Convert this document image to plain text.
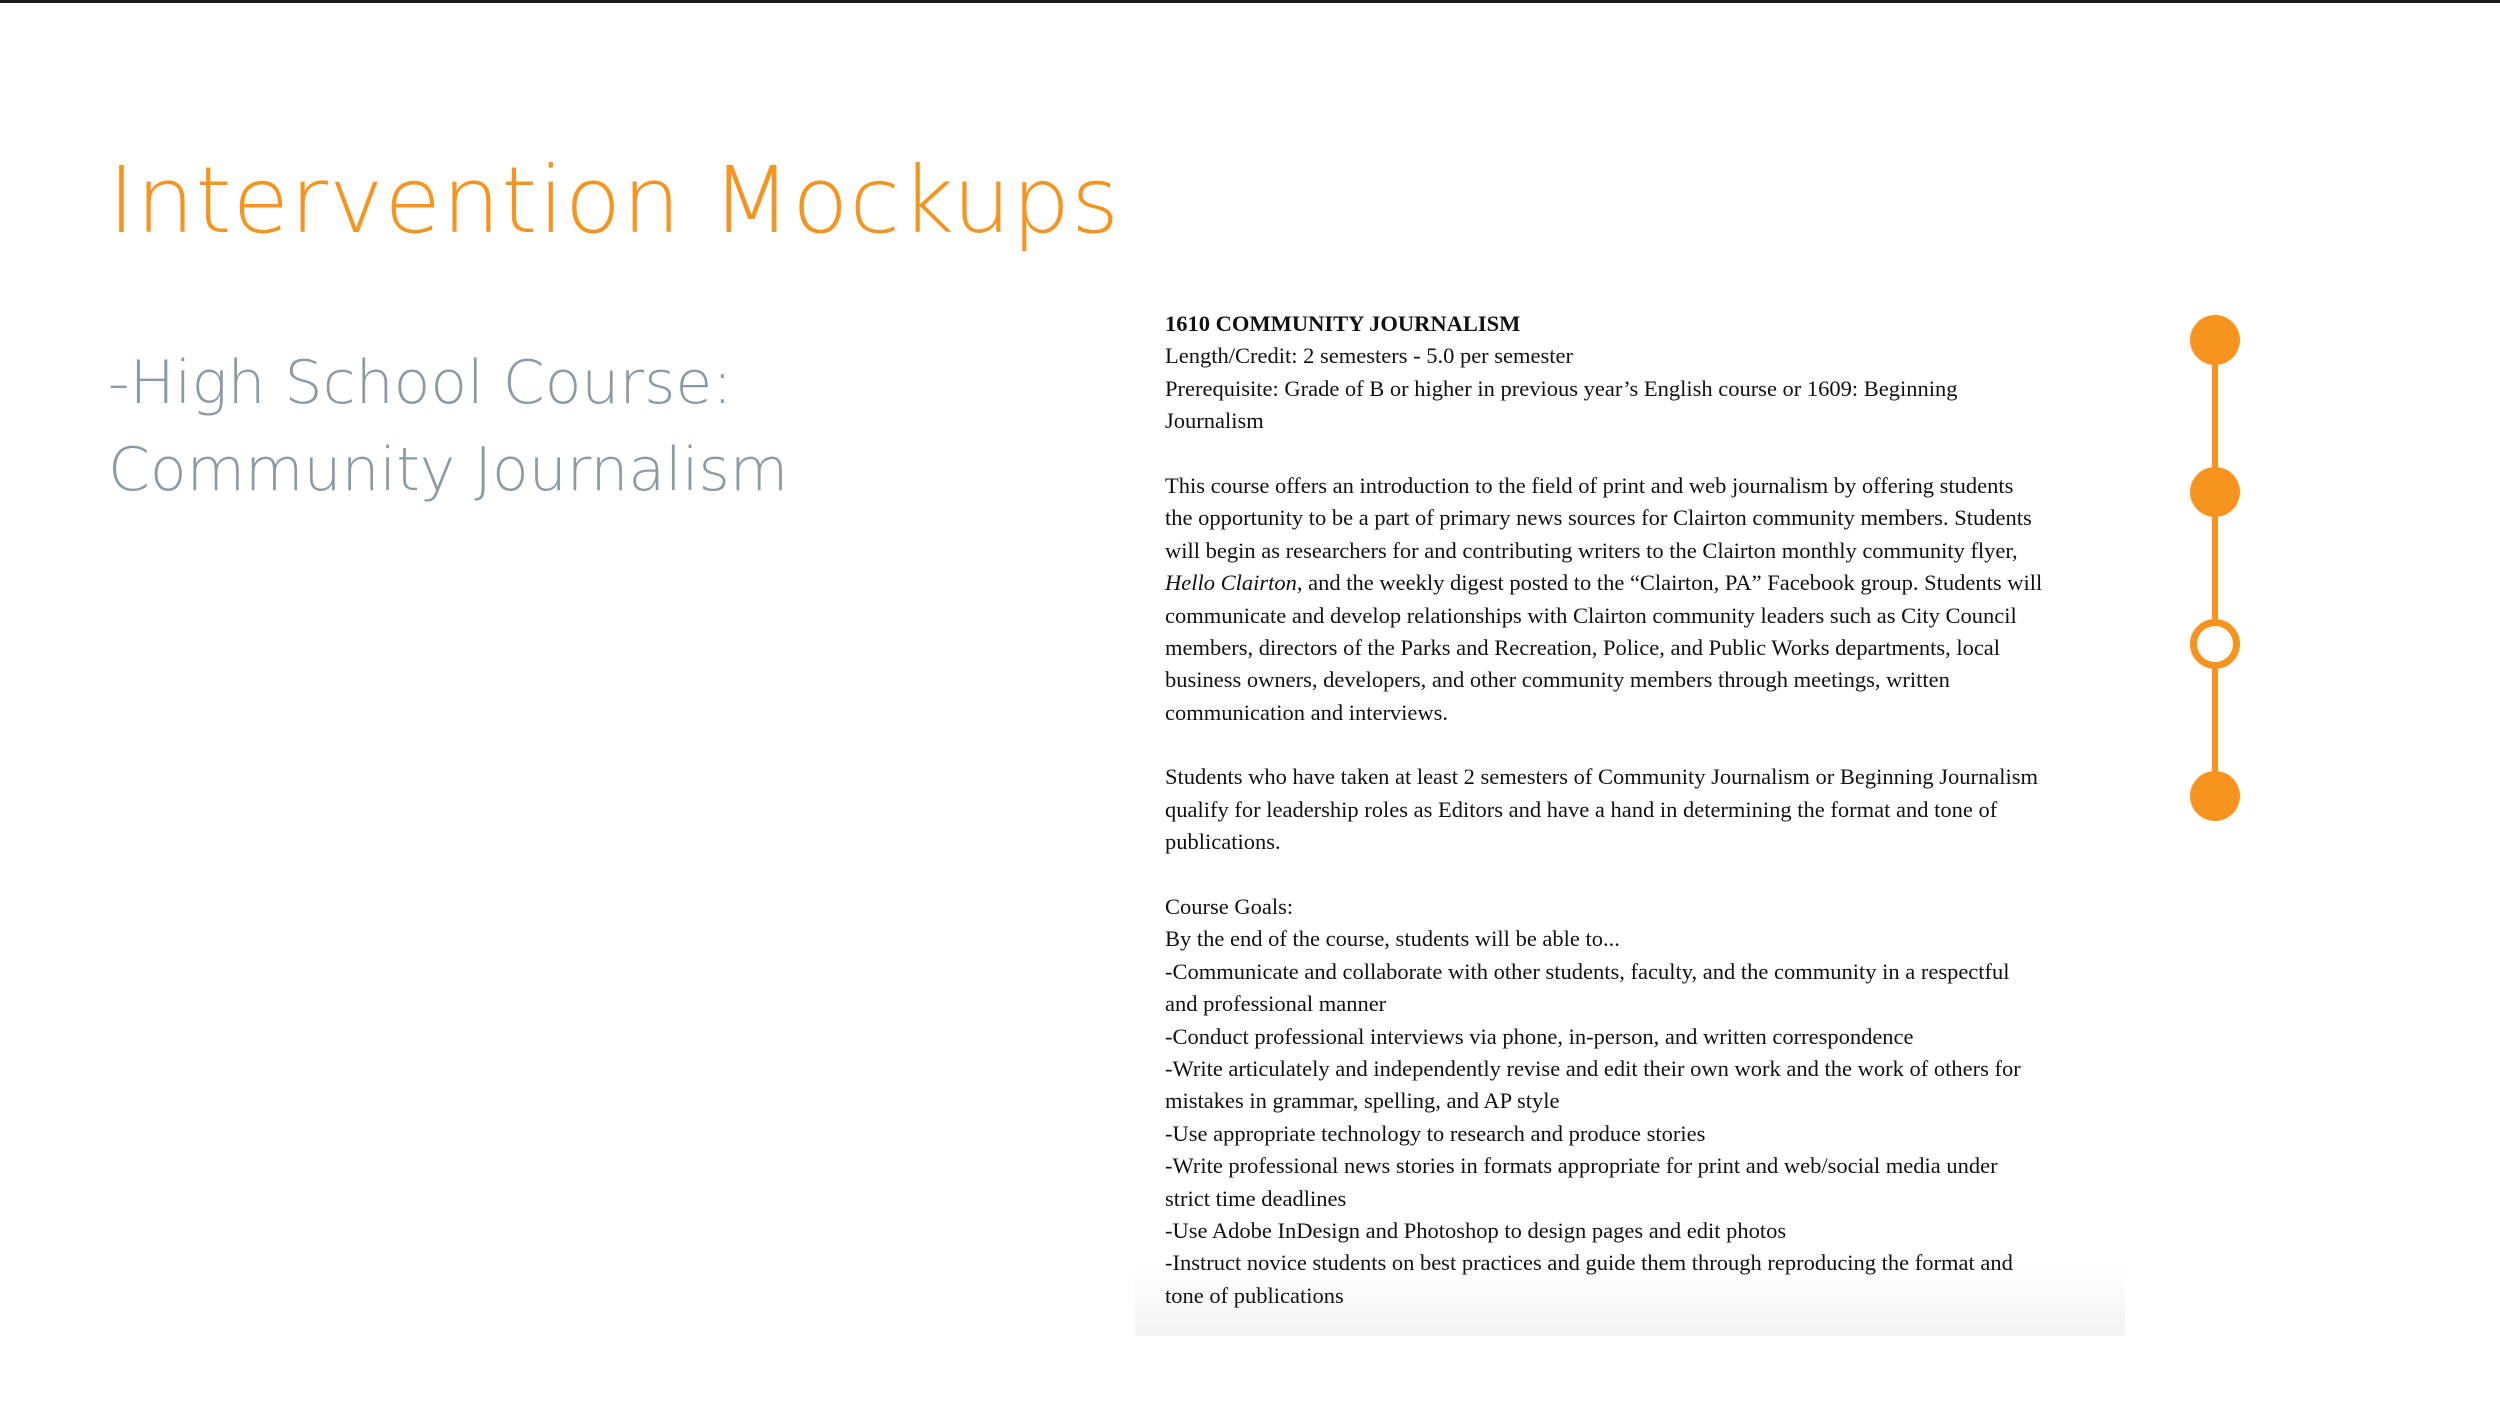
Intervention Mockups
-High School Course:
Community Journalism
1610 COMMUNITY JOURNALISM
Length/Credit: 2 semesters - 5.0 per semester
Prerequisite: Grade of B or higher in previous year’s English course or 1609: Beginning
Journalism
This course offers an introduction to the field of print and web journalism by offering students
the opportunity to be a part of primary news sources for Clairton community members. Students
will begin as researchers for and contributing writers to the Clairton monthly community flyer,
Hello Clairton, and the weekly digest posted to the “Clairton, PA” Facebook group. Students will
communicate and develop relationships with Clairton community leaders such as City Council
members, directors of the Parks and Recreation, Police, and Public Works departments, local
business owners, developers, and other community members through meetings, written
communication and interviews.
Students who have taken at least 2 semesters of Community Journalism or Beginning Journalism
qualify for leadership roles as Editors and have a hand in determining the format and tone of
publications.
Course Goals:
By the end of the course, students will be able to...
-Communicate and collaborate with other students, faculty, and the community in a respectful
and professional manner
-Conduct professional interviews via phone, in-person, and written correspondence
-Write articulately and independently revise and edit their own work and the work of others for
mistakes in grammar, spelling, and AP style
-Use appropriate technology to research and produce stories
-Write professional news stories in formats appropriate for print and web/social media under
strict time deadlines
-Use Adobe InDesign and Photoshop to design pages and edit photos
-Instruct novice students on best practices and guide them through reproducing the format and
tone of publications
